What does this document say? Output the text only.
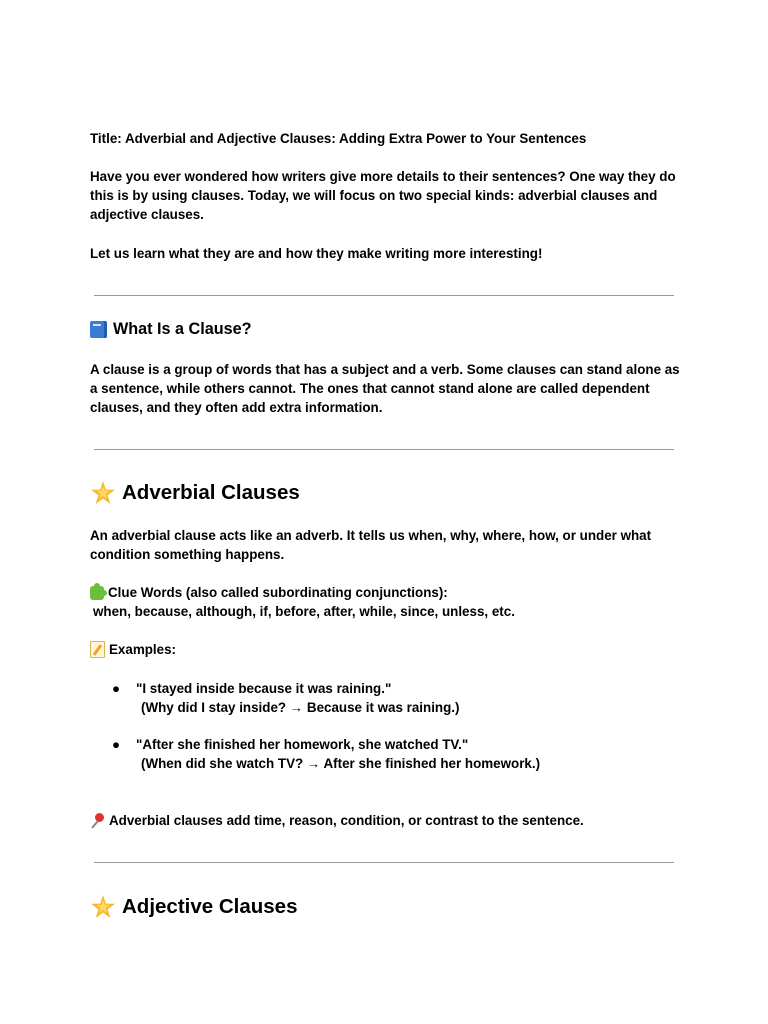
Title: Adverbial and Adjective Clauses: Adding Extra Power to Your Sentences

Have you ever wondered how writers give more details to their sentences? One way they do this is by using clauses. Today, we will focus on two special kinds: adverbial clauses and adjective clauses.

Let us learn what they are and how they make writing more interesting!

What Is a Clause?

A clause is a group of words that has a subject and a verb. Some clauses can stand alone as a sentence, while others cannot. The ones that cannot stand alone are called dependent clauses, and they often add extra information.

Adverbial Clauses

An adverbial clause acts like an adverb. It tells us when, why, where, how, or under what condition something happens.

Clue Words (also called subordinating conjunctions):

when, because, although, if, before, after, while, since, unless, etc.

Examples:

●	"I stayed inside because it was raining."
(Why did I stay inside? → Because it was raining.)
●	"After she finished her homework, she watched TV."
(When did she watch TV? → After she finished her homework.)

Adverbial clauses add time, reason, condition, or contrast to the sentence.

Adjective Clauses
